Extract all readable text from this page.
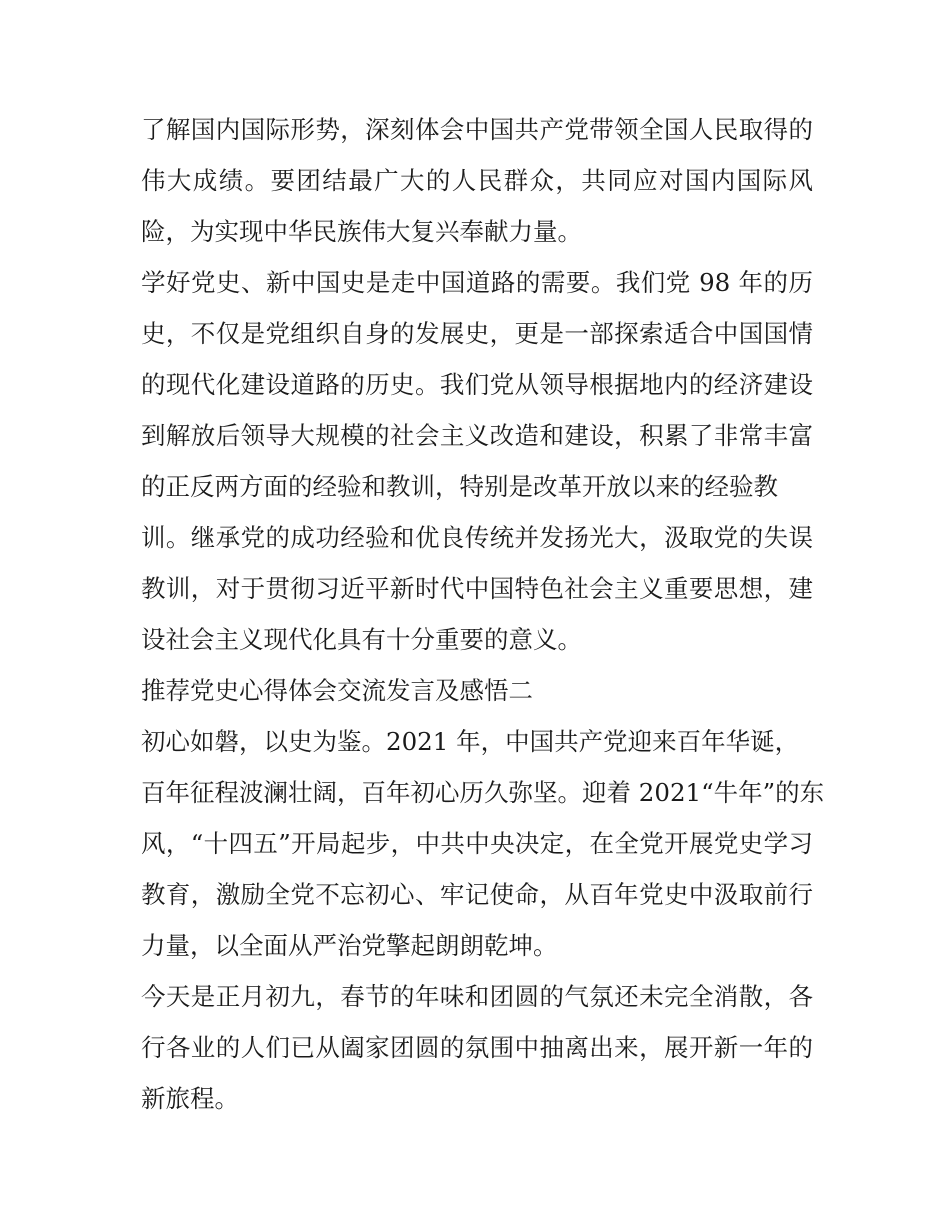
了解国内国际形势，深刻体会中国共产党带领全国人民取得的
伟大成绩。要团结最广大的人民群众，共同应对国内国际风
险，为实现中华民族伟大复兴奉献力量。
学好党史、新中国史是走中国道路的需要。我们党 98 年的历
史，不仅是党组织自身的发展史，更是一部探索适合中国国情
的现代化建设道路的历史。我们党从领导根据地内的经济建设
到解放后领导大规模的社会主义改造和建设，积累了非常丰富
的正反两方面的经验和教训，特别是改革开放以来的经验教
训。继承党的成功经验和优良传统并发扬光大，汲取党的失误
教训，对于贯彻习近平新时代中国特色社会主义重要思想，建
设社会主义现代化具有十分重要的意义。
推荐党史心得体会交流发言及感悟二
初心如磐，以史为鉴。2021 年，中国共产党迎来百年华诞，
百年征程波澜壮阔，百年初心历久弥坚。迎着 2021“牛年”的东
风，“十四五”开局起步，中共中央决定，在全党开展党史学习
教育，激励全党不忘初心、牢记使命，从百年党史中汲取前行
力量，以全面从严治党擎起朗朗乾坤。
今天是正月初九，春节的年味和团圆的气氛还未完全消散，各
行各业的人们已从阖家团圆的氛围中抽离出来，展开新一年的
新旅程。
